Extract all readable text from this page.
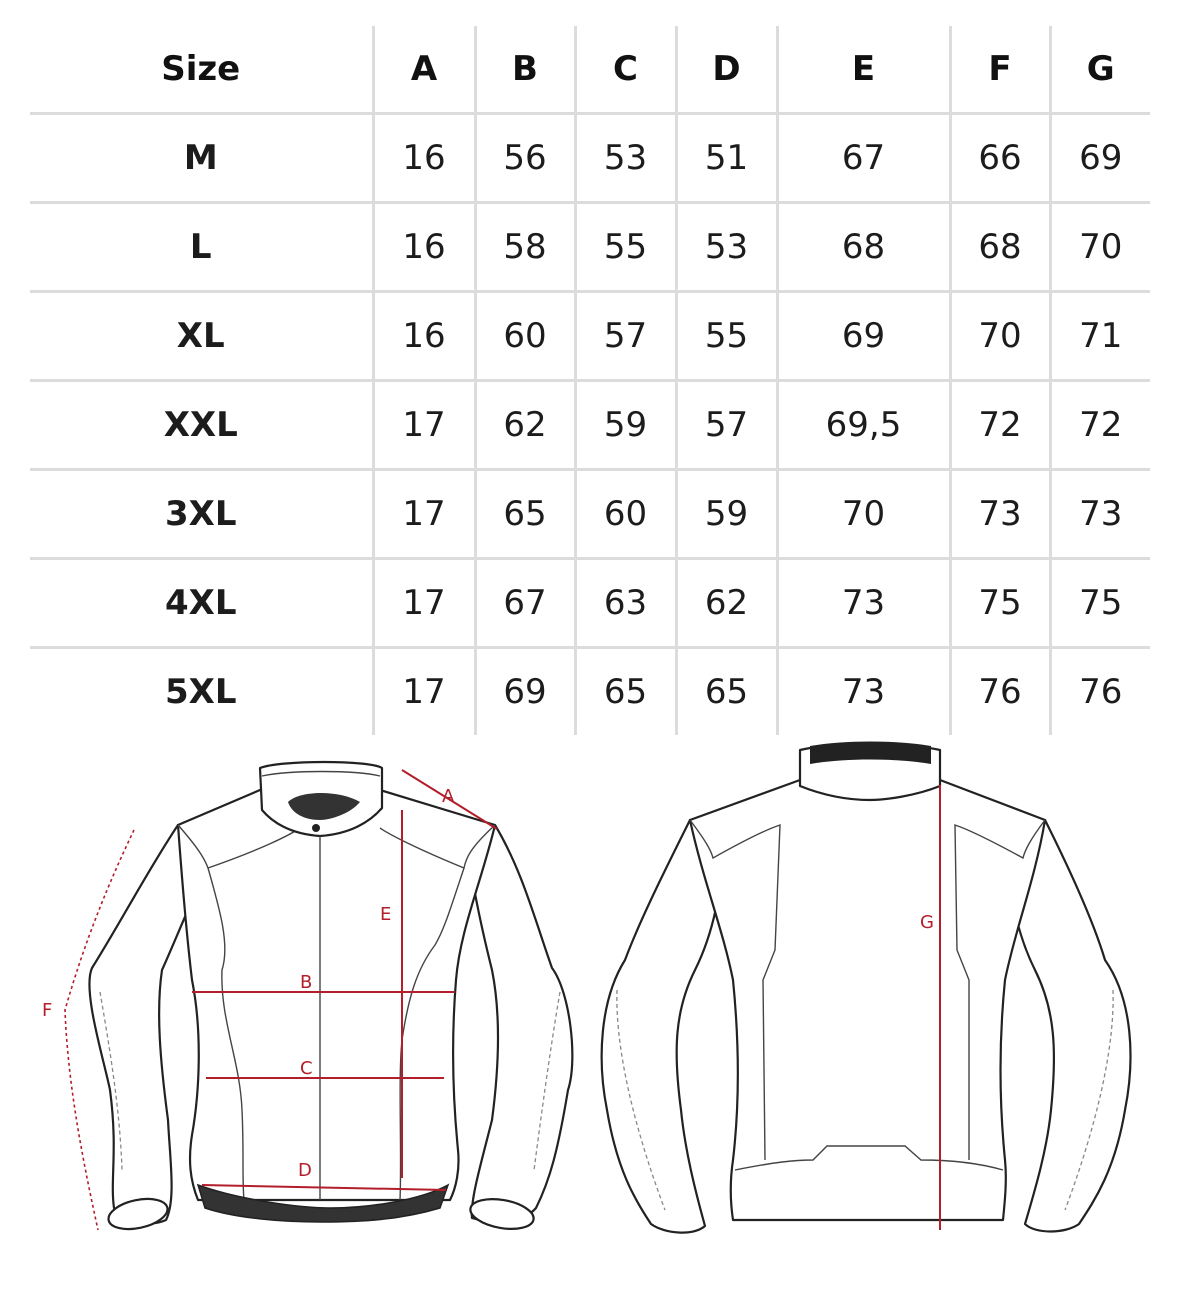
Size	A	B	C	D	E	F	G
M	16	56	53	51	67	66	69
L	16	58	55	53	68	68	70
XL	16	60	57	55	69	70	71
XXL	17	62	59	57	69,5	72	72
3XL	17	65	60	59	70	73	73
4XL	17	67	63	62	73	75	75
5XL	17	69	65	65	73	76	76
A
E
B
C
D
F
G
